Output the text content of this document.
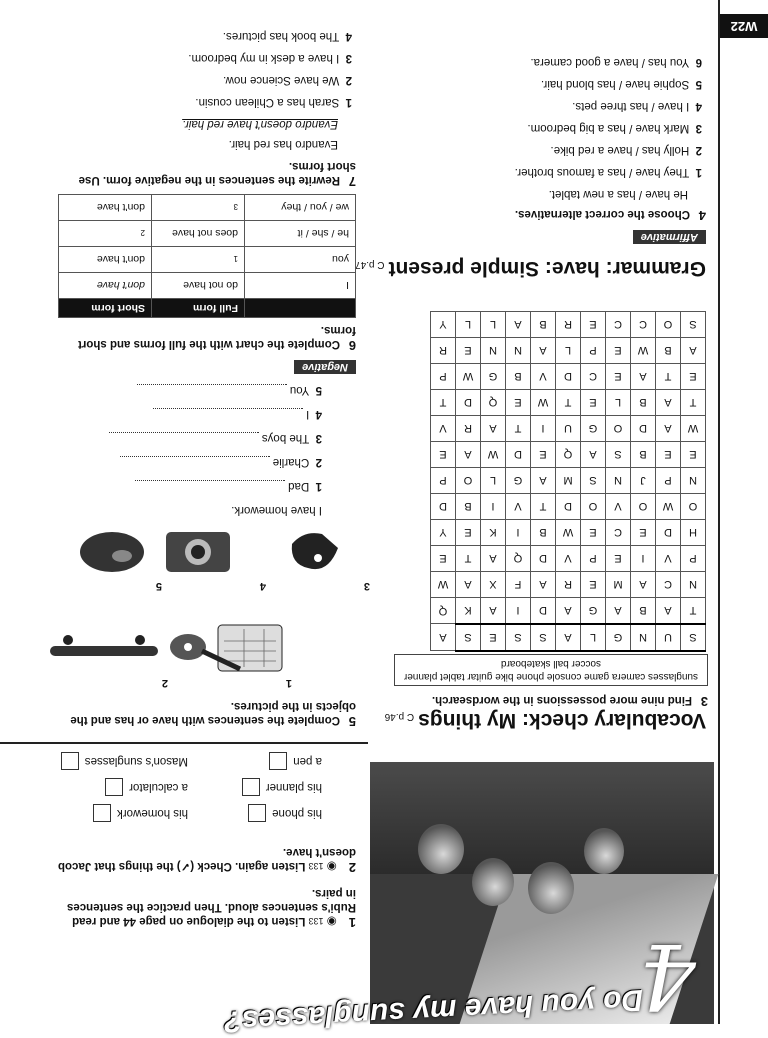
4
Do you have my sunglasses?
1 ◉ 133 Listen to the dialogue on page 44 and read Rubi's sentences aloud. Then practice the sentences in pairs.
2 ◉ 133 Listen again. Check (✓) the things that Jacob doesn't have.
his phone
his homework
his planner
a calculator
a pen
Mason's sunglasses
Vocabulary check: My thingsC p.46
3Find nine more possessions in the wordsearch.
sunglasses camera game console phone bike guitar tablet planner soccer ball skateboard
S	U	N	G	L	A	S	S	E	S	A
T	A	B	A	G	A	D	I	A	K	Q
N	C	A	M	E	R	A	F	X	A	W
P	V	I	E	P	V	D	Q	A	T	E
H	D	E	C	E	W	B	I	K	E	Y
O	W	O	V	O	D	T	V	I	B	D
N	P	J	N	S	M	A	G	L	O	P
E	E	B	S	A	Q	E	D	W	A	E
W	A	D	O	G	U	I	T	A	R	V
T	A	B	L	E	T	W	E	Q	D	T
E	T	A	E	C	D	V	B	G	W	P
A	B	W	E	P	L	A	N	N	E	R
S	O	C	C	E	R	B	A	L	L	Y
5Complete the sentences with have or has and the objects in the pictures.
1
2
5	4	3
I have homework.
1  Dad
2  Charlie
3  The boys
4  I
5  You
Grammar: have: Simple presentC p.47
Affirmative
4Choose the correct alternatives.
He have / has a new tablet.
1  They have / has a famous brother.
2  Holly has / have a red bike.
3  Mark have / has a big bedroom.
4  I have / has three pets.
5  Sophie have / has blond hair.
6  You has / have a good camera.
Negative
6Complete the chart with the full forms and short forms.
	Full form	Short form
I	do not have	don't have
you	1	don't have
he / she / it	does not have	2
we / you / they	3	don't have
7Rewrite the sentences in the negative form. Use short forms.
Evandro has red hair.
Evandro doesn't have red hair.
1  Sarah has a Chilean cousin.
2  We have Science now.
3  I have a desk in my bedroom.
4  The book has pictures.
W22
